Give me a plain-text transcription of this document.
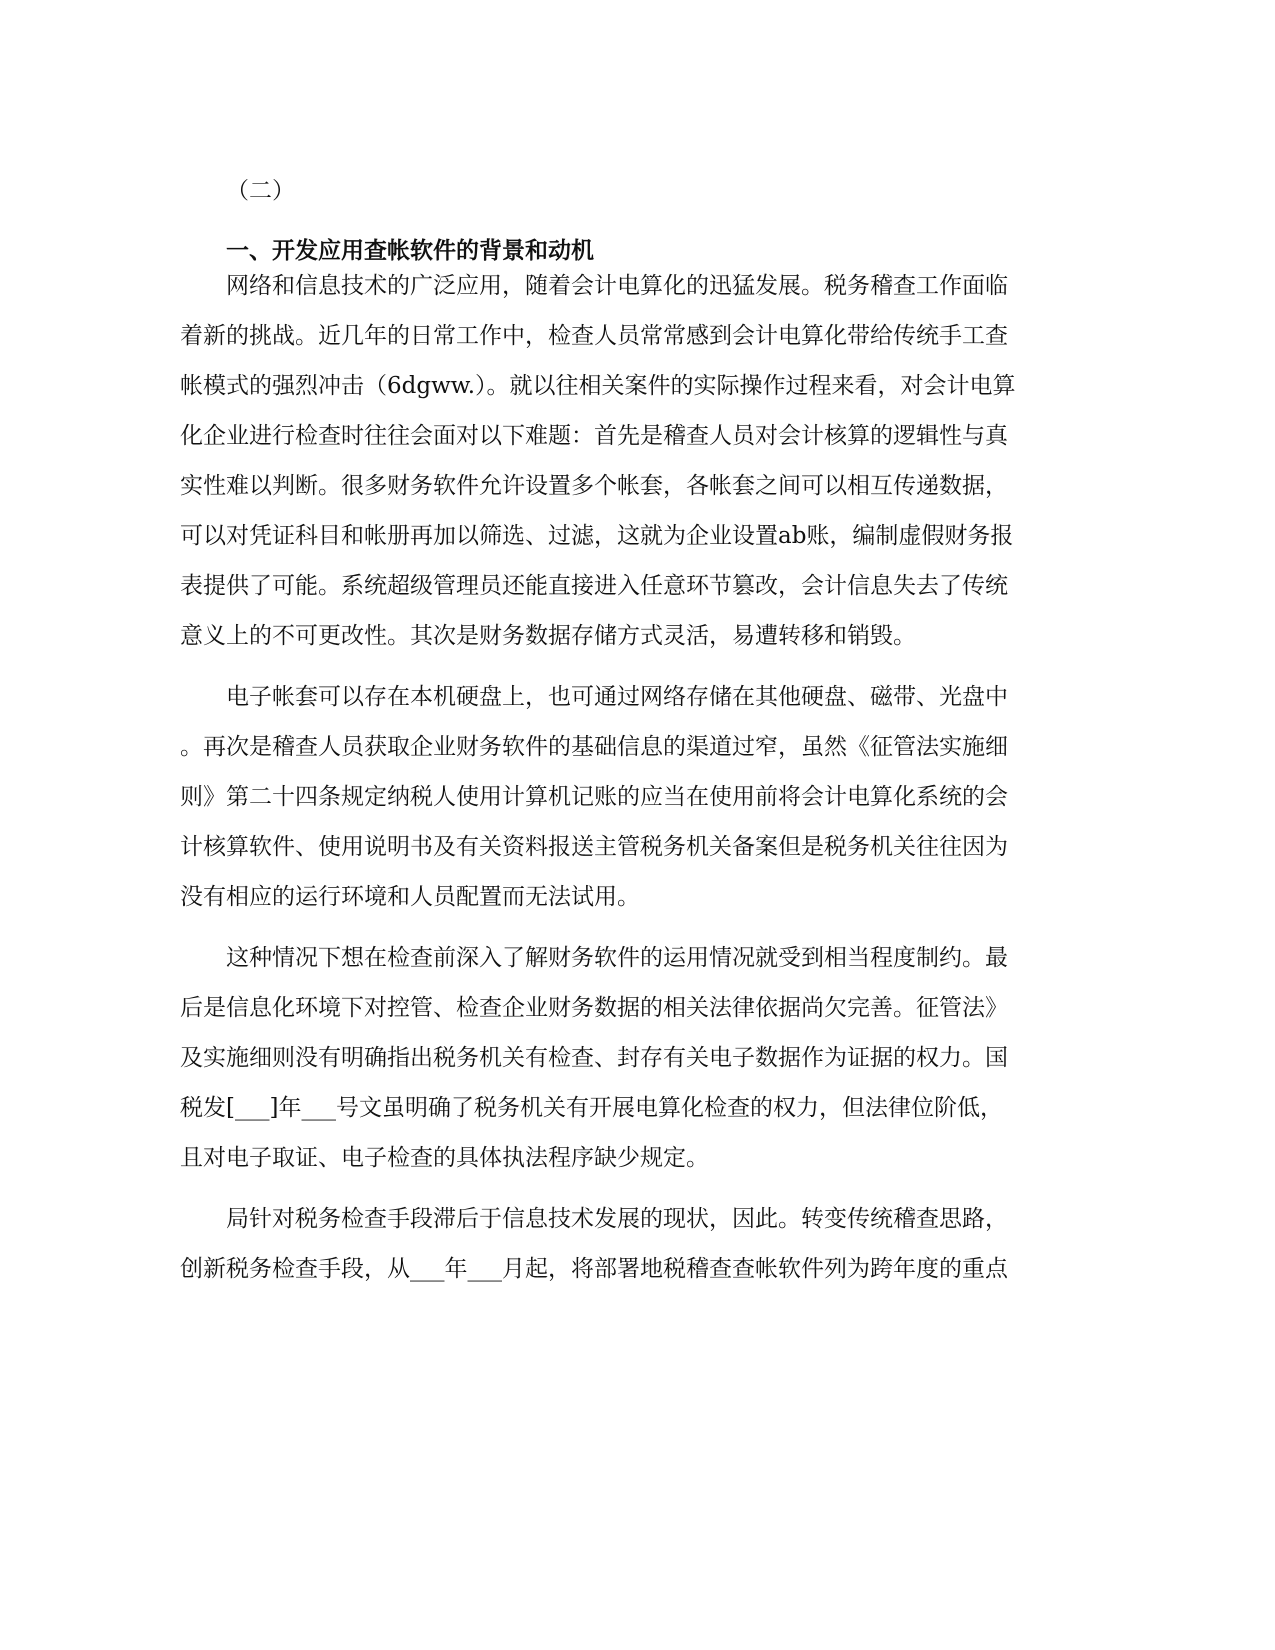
（二）
一、开发应用查帐软件的背景和动机

网络和信息技术的广泛应用，随着会计电算化的迅猛发展。税务稽查工作面临
着新的挑战。近几年的日常工作中，检查人员常常感到会计电算化带给传统手工查
帐模式的强烈冲击（6dgww.）。就以往相关案件的实际操作过程来看，对会计电算
化企业进行检查时往往会面对以下难题：首先是稽查人员对会计核算的逻辑性与真
实性难以判断。很多财务软件允许设置多个帐套，各帐套之间可以相互传递数据，
可以对凭证科目和帐册再加以筛选、过滤，这就为企业设置ab账，编制虚假财务报
表提供了可能。系统超级管理员还能直接进入任意环节篡改，会计信息失去了传统
意义上的不可更改性。其次是财务数据存储方式灵活，易遭转移和销毁。

电子帐套可以存在本机硬盘上，也可通过网络存储在其他硬盘、磁带、光盘中
。再次是稽查人员获取企业财务软件的基础信息的渠道过窄，虽然《征管法实施细
则》第二十四条规定纳税人使用计算机记账的应当在使用前将会计电算化系统的会
计核算软件、使用说明书及有关资料报送主管税务机关备案但是税务机关往往因为
没有相应的运行环境和人员配置而无法试用。

这种情况下想在检查前深入了解财务软件的运用情况就受到相当程度制约。最
后是信息化环境下对控管、检查企业财务数据的相关法律依据尚欠完善。征管法》
及实施细则没有明确指出税务机关有检查、封存有关电子数据作为证据的权力。国
税发[___]年___号文虽明确了税务机关有开展电算化检查的权力，但法律位阶低，
且对电子取证、电子检查的具体执法程序缺少规定。

局针对税务检查手段滞后于信息技术发展的现状，因此。转变传统稽查思路，
创新税务检查手段，从___年___月起，将部署地税稽查查帐软件列为跨年度的重点
